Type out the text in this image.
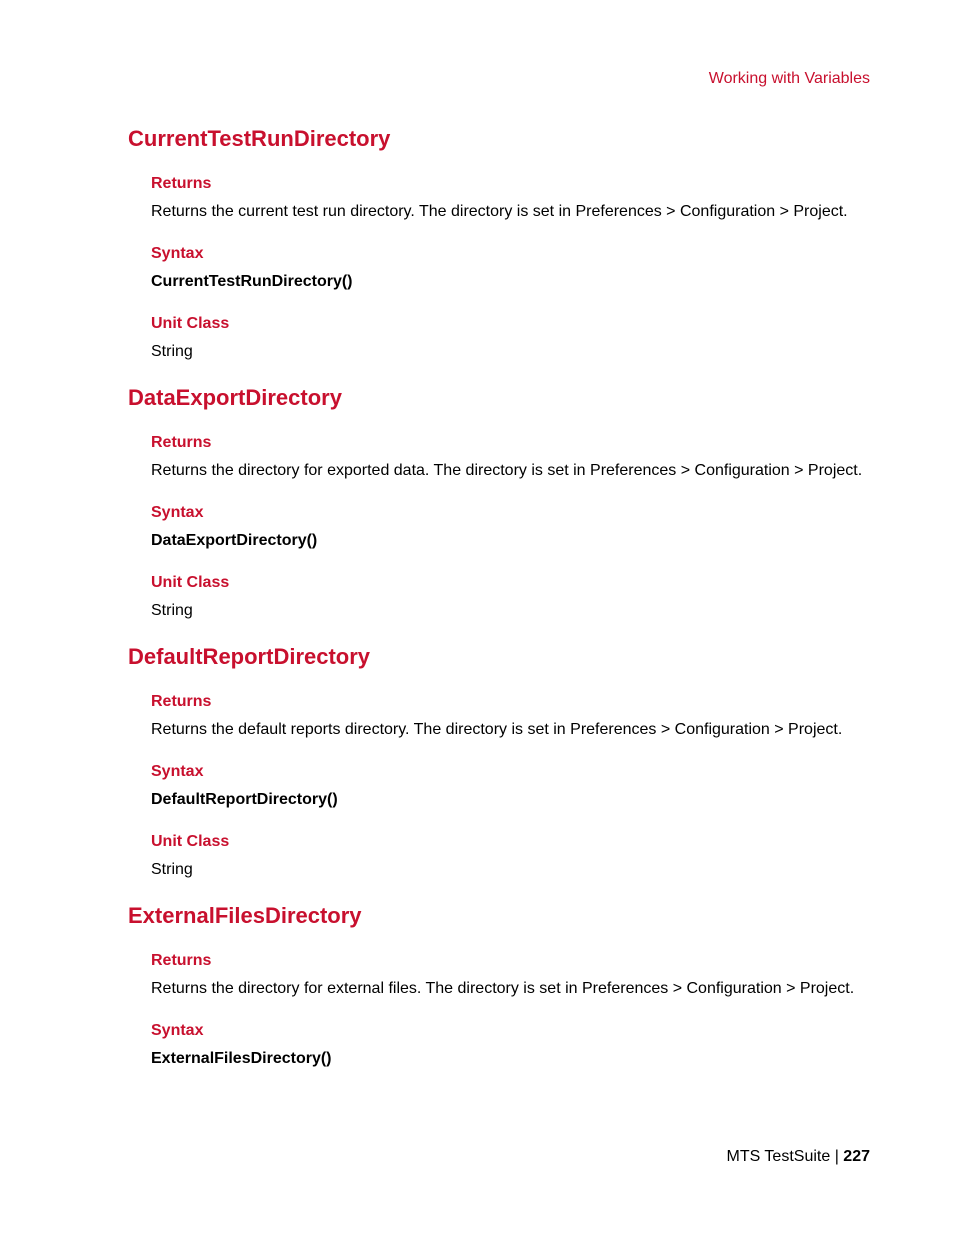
Working with Variables
CurrentTestRunDirectory
Returns
Returns the current test run directory. The directory is set in Preferences > Configuration > Project.
Syntax
CurrentTestRunDirectory()
Unit Class
String
DataExportDirectory
Returns
Returns the directory for exported data. The directory is set in Preferences > Configuration > Project.
Syntax
DataExportDirectory()
Unit Class
String
DefaultReportDirectory
Returns
Returns the default reports directory. The directory is set in Preferences > Configuration > Project.
Syntax
DefaultReportDirectory()
Unit Class
String
ExternalFilesDirectory
Returns
Returns the directory for external files. The directory is set in Preferences > Configuration > Project.
Syntax
ExternalFilesDirectory()
MTS TestSuite | 227
